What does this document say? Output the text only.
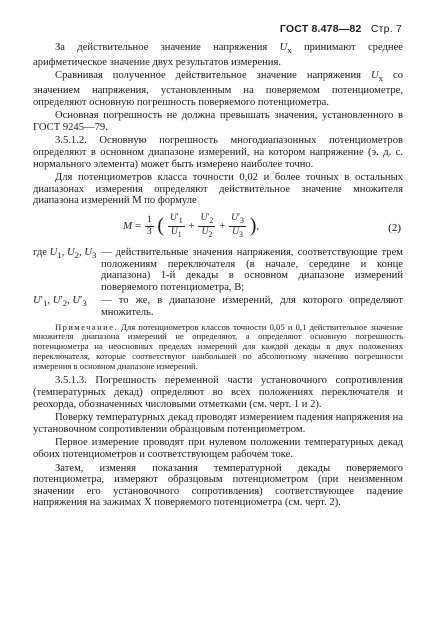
ГОСТ 8.478—82 Стр. 7

За действительное значение напряжения $U_x$ принимают среднее арифметическое значение двух результатов измерения.

Сравнивая полученное действительное значение напряжения $U_x$ со значением напряжения, установленным на поверяемом потенциометре, определяют основную погрешность поверяемого потенциометра.

Основная погрешность не должна превышать значения, установленного в ГОСТ 9245—79.

3.5.1.2. Основную погрешность многодиапазонных потенциометров определяют в основном диапазоне измерений, на котором напряжение (э. д. с. нормального элемента) может быть измерено наиболее точно.

Для потенциометров класса точности 0,02 и более точных в остальных диапазонах измерения определяют действительное значение множителя диапазона измерений M по формуле

$M = \frac{1}{3}$ ( $\frac{U'_1}{U_1} + \frac{U'_2}{U_2} + \frac{U'_3}{U_3}$ ),	(2)
где $U_1$, $U_2$, $U_3$ — действительные значения напряжения, соответствующие трем положениям переключателя (в начале, середине и конце диапазона) 1-й декады в основном диапазоне измерений поверяемого потенциометра, В;
$U'_1$, $U'_2$, $U'_3$	— то же, в диапазоне измерений, для которого определяют множитель.

Примечание. Для потенциометров классов точности 0,05 и 0,1 действительное значение множителя диапазона измерений не определяют, а определяют основную погрешность потенциометра на неосновных пределах измерений для каждой декады в двух положениях переключателя, которые соответствуют наибольшей по абсолютному значению погрешности измерения в основном диапазоне измерений.

3.5.1.3. Погрешность переменной части установочного сопротивления (температурных декад) определяют во всех положениях переключателя и реохорда, обозначенных числовыми отметками (см. черт. 1 и 2).

Поверку температурных декад проводят измерением падения напряжения на установочном сопротивлении образцовым потенциометром.

Первое измерение проводят при нулевом положении температурных декад обоих потенциометров и соответствующем рабочем токе.

Затем, изменяя показания температурной декады поверяемого потенциометра, измеряют образцовым потенциометром (при неизменном значении его установочного сопротивления) соответствующее падение напряжения на зажимах X поверяемого потенциометра (см. черт. 2).
